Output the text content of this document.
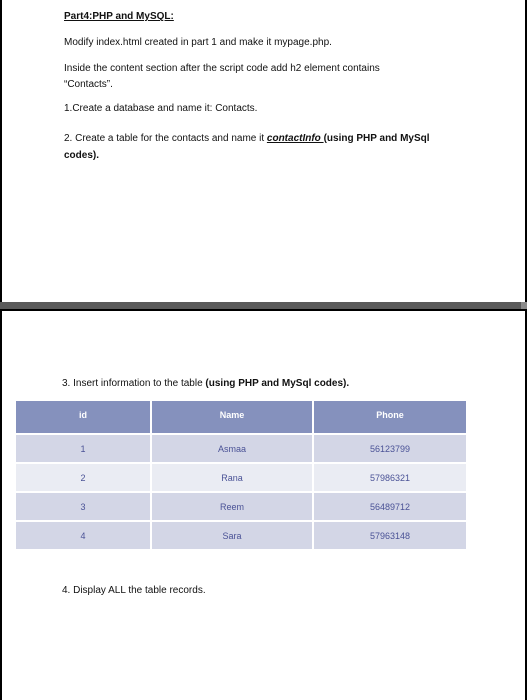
Part4:PHP and MySQL:
Modify index.html created in part 1 and make it mypage.php.
Inside the content section after the script code add h2 element contains
“Contacts”.
1.Create a database and name it: Contacts.
2. Create a table for the contacts and name it contactInfo (using PHP and MySql
codes).
3. Insert information to the table (using PHP and MySql codes).
id	Name	Phone
1	Asmaa	56123799
2	Rana	57986321
3	Reem	56489712
4	Sara	57963148
4. Display ALL the table records.
